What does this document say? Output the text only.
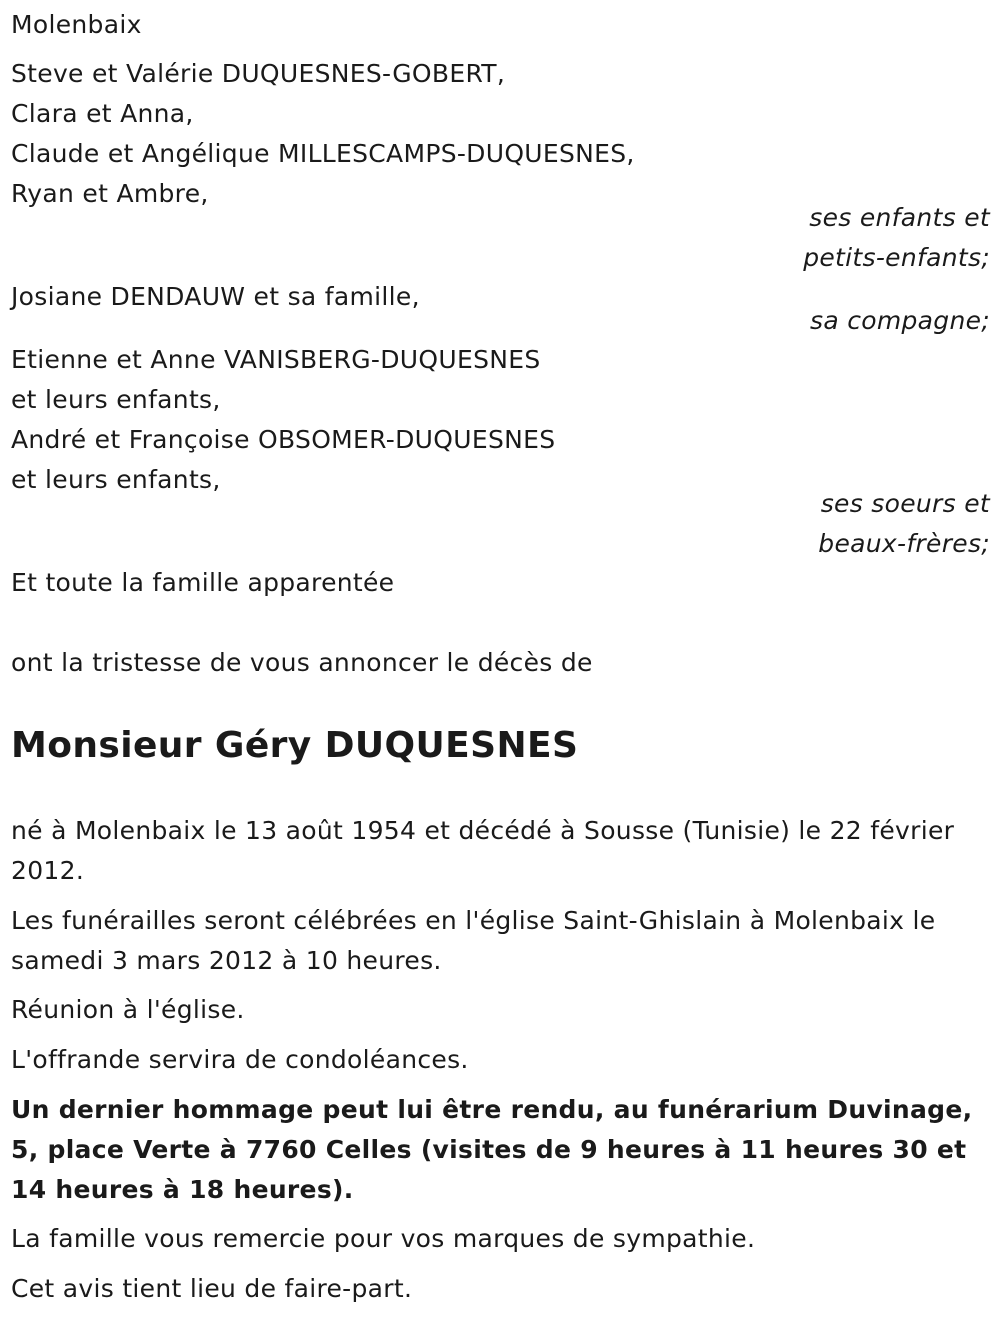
Molenbaix
Steve et Valérie DUQUESNES-GOBERT,
Clara et Anna,
Claude et Angélique MILLESCAMPS-DUQUESNES,
Ryan et Ambre,
ses enfants et
petits-enfants;
Josiane DENDAUW et sa famille,
sa compagne;
Etienne et Anne VANISBERG-DUQUESNES
et leurs enfants,
André et Françoise OBSOMER-DUQUESNES
et leurs enfants,
ses soeurs et
beaux-frères;
Et toute la famille apparentée
ont la tristesse de vous annoncer le décès de
Monsieur Géry DUQUESNES
né à Molenbaix le 13 août 1954 et décédé à Sousse (Tunisie) le 22 février 2012.
Les funérailles seront célébrées en l'église Saint-Ghislain à Molenbaix le samedi 3 mars 2012 à 10 heures.
Réunion à l'église.
L'offrande servira de condoléances.
Un dernier hommage peut lui être rendu, au funérarium Duvinage, 5, place Verte à 7760 Celles (visites de 9 heures à 11 heures 30 et 14 heures à 18 heures).
La famille vous remercie pour vos marques de sympathie.
Cet avis tient lieu de faire-part.
